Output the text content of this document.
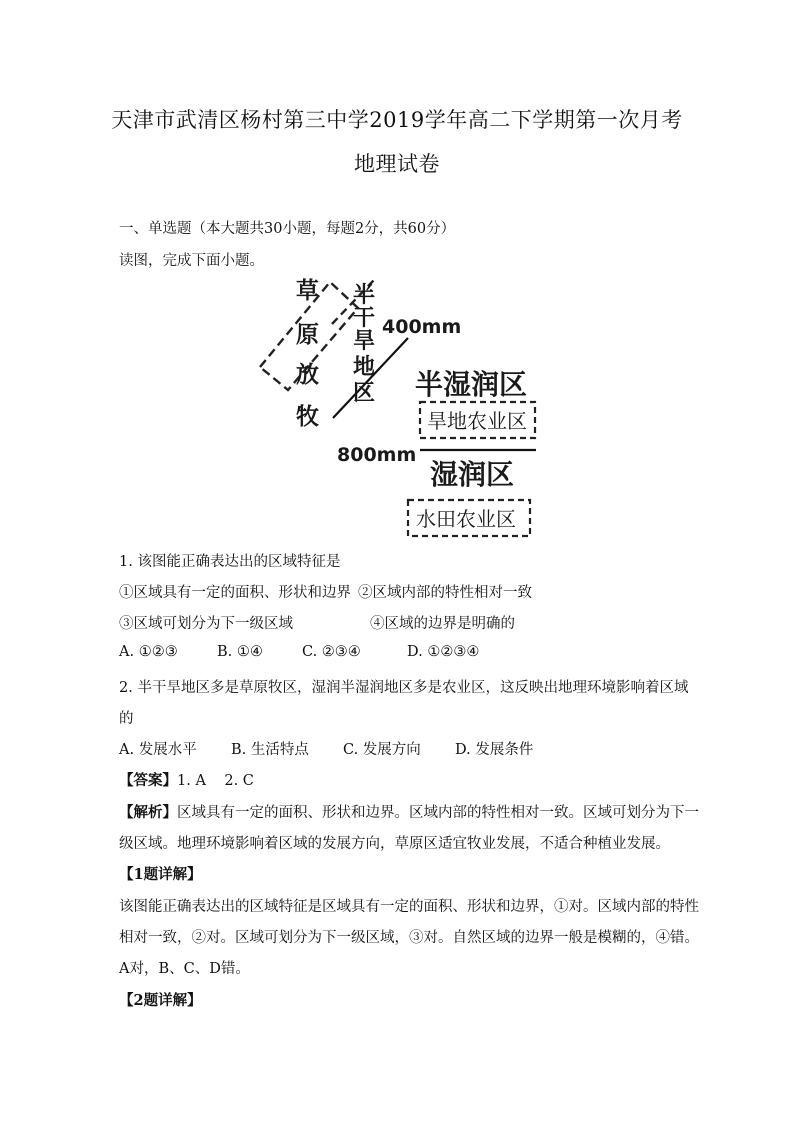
天津市武清区杨村第三中学2019学年高二下学期第一次月考
地理试卷
一、单选题（本大题共30小题，每题2分，共60分）
读图，完成下面小题。
草
原
放
牧
半
干
旱
地
区
400mm
800mm
半湿润区
旱地农业区
湿润区
水田农业区
1. 该图能正确表达出的区域特征是
①区域具有一定的面积、形状和边界 ②区域内部的特性相对一致
③区域可划分为下一级区域	④区域的边界是明确的
A. ①②③	B. ①④	C. ②③④	D. ①②③④
2. 半干旱地区多是草原牧区，湿润半湿润地区多是农业区，这反映出地理环境影响着区域
的
A. 发展水平 B. 生活特点 C. 发展方向 D. 发展条件
【答案】1. A    2. C
【解析】区域具有一定的面积、形状和边界。区域内部的特性相对一致。区域可划分为下一
级区域。地理环境影响着区域的发展方向，草原区适宜牧业发展，不适合种植业发展。
【1题详解】
该图能正确表达出的区域特征是区域具有一定的面积、形状和边界，①对。区域内部的特性
相对一致，②对。区域可划分为下一级区域，③对。自然区域的边界一般是模糊的，④错。
A对，B、C、D错。
【2题详解】
